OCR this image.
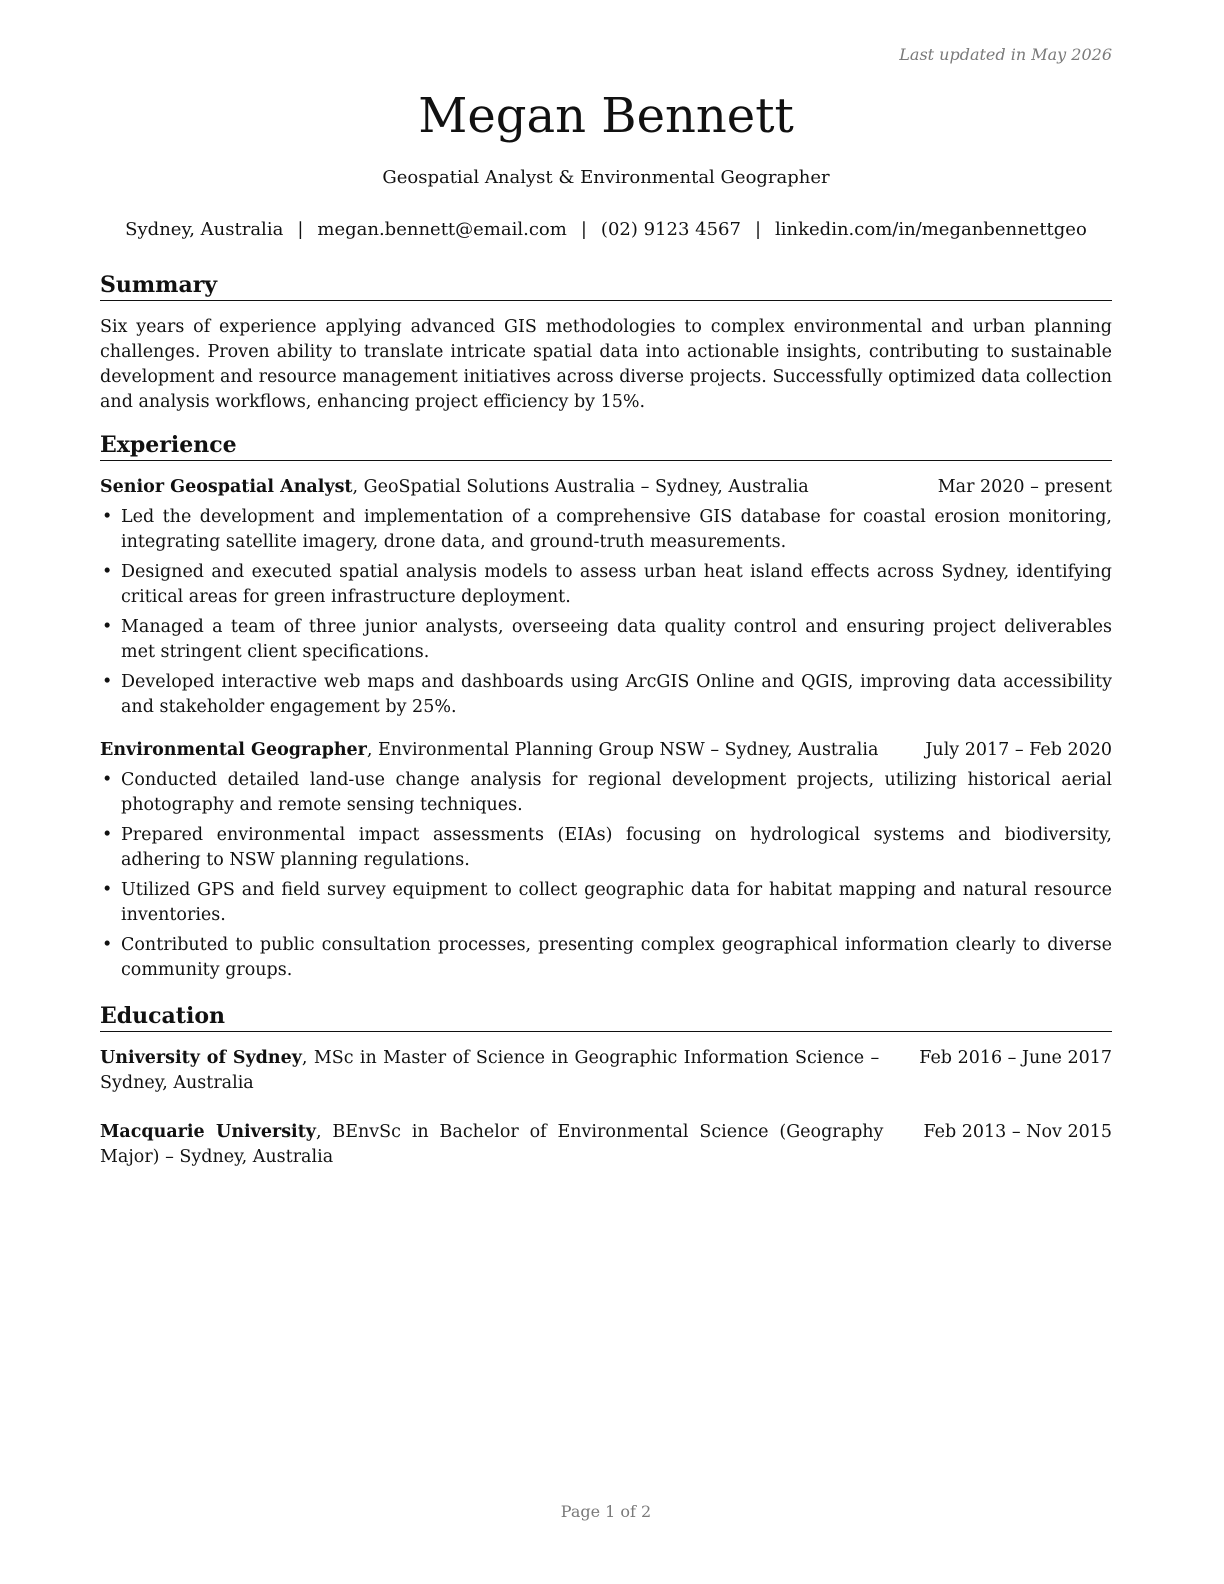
Last updated in May 2026
Megan Bennett
Geospatial Analyst & Environmental Geographer
Sydney, Australia | megan.bennett@email.com | (02) 9123 4567 | linkedin.com/in/meganbennettgeo
Summary

Six years of experience applying advanced GIS methodologies to complex environmental and urban planning challenges. Proven ability to translate intricate spatial data into actionable insights, contributing to sustainable development and resource management initiatives across diverse projects. Successfully optimized data collection and analysis workflows, enhancing project efficiency by 15%.

Experience
Senior Geospatial Analyst, GeoSpatial Solutions Australia – Sydney, Australia	Mar 2020 – present
• Led the development and implementation of a comprehensive GIS database for coastal erosion monitoring, integrating satellite imagery, drone data, and ground-truth measurements.
• Designed and executed spatial analysis models to assess urban heat island effects across Sydney, identifying critical areas for green infrastructure deployment.
• Managed a team of three junior analysts, overseeing data quality control and ensuring project deliverables met stringent client specifications.
• Developed interactive web maps and dashboards using ArcGIS Online and QGIS, improving data accessibility and stakeholder engagement by 25%.
Environmental Geographer, Environmental Planning Group NSW – Sydney, Australia	July 2017 – Feb 2020
• Conducted detailed land-use change analysis for regional development projects, utilizing historical aerial photography and remote sensing techniques.
• Prepared environmental impact assessments (EIAs) focusing on hydrological systems and biodiversity, adhering to NSW planning regulations.
• Utilized GPS and field survey equipment to collect geographic data for habitat mapping and natural resource inventories.
• Contributed to public consultation processes, presenting complex geographical information clearly to diverse community groups.
Education
University of Sydney, MSc in Master of Science in Geographic Information Science – Sydney, Australia
Feb 2016 – June 2017
Macquarie University, BEnvSc in Bachelor of Environmental Science (Geography Major) – Sydney, Australia
Feb 2013 – Nov 2015
Page 1 of 2
